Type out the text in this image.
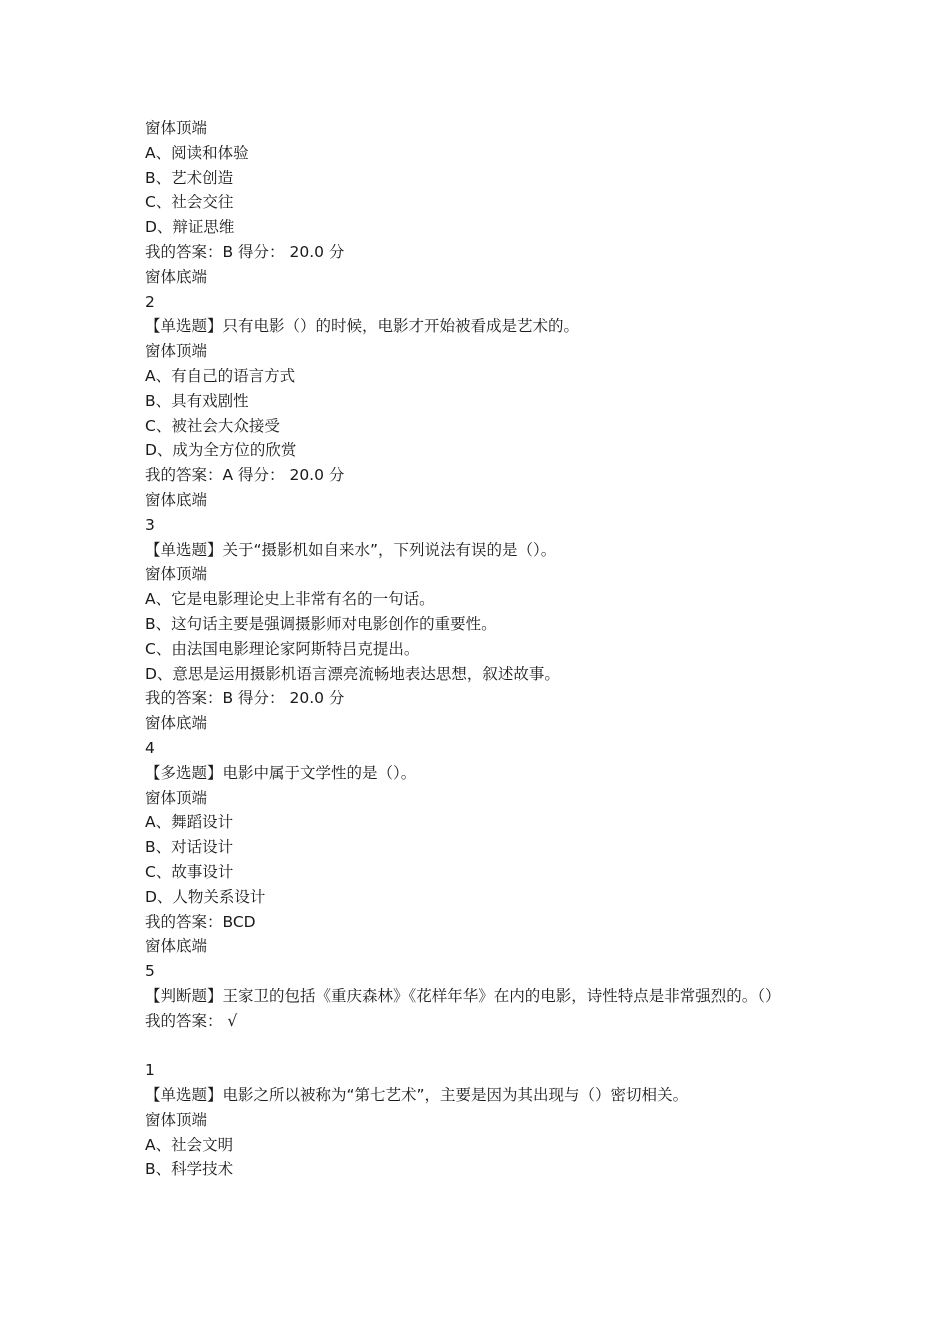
窗体顶端
A、阅读和体验
B、艺术创造
C、社会交往
D、辩证思维
我的答案：B 得分： 20.0 分
窗体底端
2
【单选题】只有电影（）的时候，电影才开始被看成是艺术的。
窗体顶端
A、有自己的语言方式
B、具有戏剧性
C、被社会大众接受
D、成为全方位的欣赏
我的答案：A 得分： 20.0 分
窗体底端
3
【单选题】关于“摄影机如自来水”，下列说法有误的是（）。
窗体顶端
A、它是电影理论史上非常有名的一句话。
B、这句话主要是强调摄影师对电影创作的重要性。
C、由法国电影理论家阿斯特吕克提出。
D、意思是运用摄影机语言漂亮流畅地表达思想，叙述故事。
我的答案：B 得分： 20.0 分
窗体底端
4
【多选题】电影中属于文学性的是（）。
窗体顶端
A、舞蹈设计
B、对话设计
C、故事设计
D、人物关系设计
我的答案：BCD
窗体底端
5
【判断题】王家卫的包括《重庆森林》《花样年华》在内的电影，诗性特点是非常强烈的。（）
我的答案： √
1
【单选题】电影之所以被称为“第七艺术”，主要是因为其出现与（）密切相关。
窗体顶端
A、社会文明
B、科学技术
